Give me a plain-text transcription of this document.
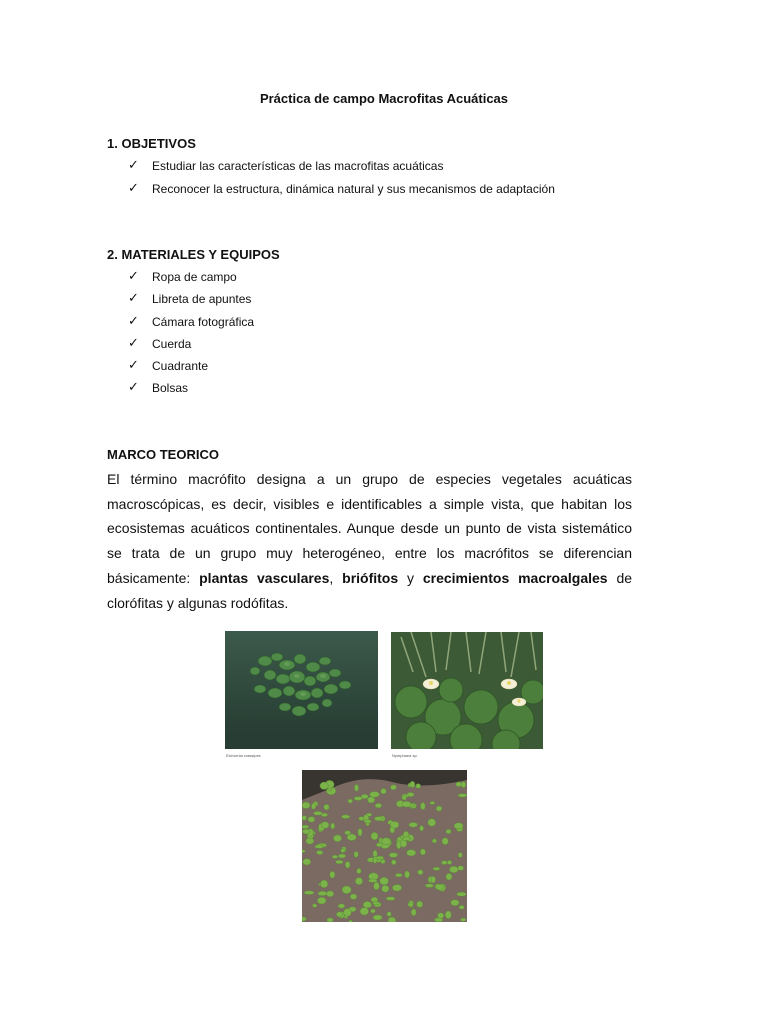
Práctica de campo Macrofitas Acuáticas
1. OBJETIVOS
✓ Estudiar las características de las macrofitas acuáticas
✓ Reconocer la estructura, dinámica natural y sus mecanismos de adaptación
2. MATERIALES Y EQUIPOS
✓ Ropa de campo
✓ Libreta de apuntes
✓ Cámara fotográfica
✓ Cuerda
✓ Cuadrante
✓ Bolsas
MARCO TEORICO

El término macrófito designa a un grupo de especies vegetales acuáticas macroscópicas, es decir, visibles e identificables a simple vista, que habitan los ecosistemas acuáticos continentales. Aunque desde un punto de vista sistemático se trata de un grupo muy heterogéneo, entre los macrófitos se diferencian básicamente: plantas vasculares, briófitos y crecimientos macroalgales de clorófitas y algunas rodófitas.

Eichornia crassipes	Nymphaea sp.
